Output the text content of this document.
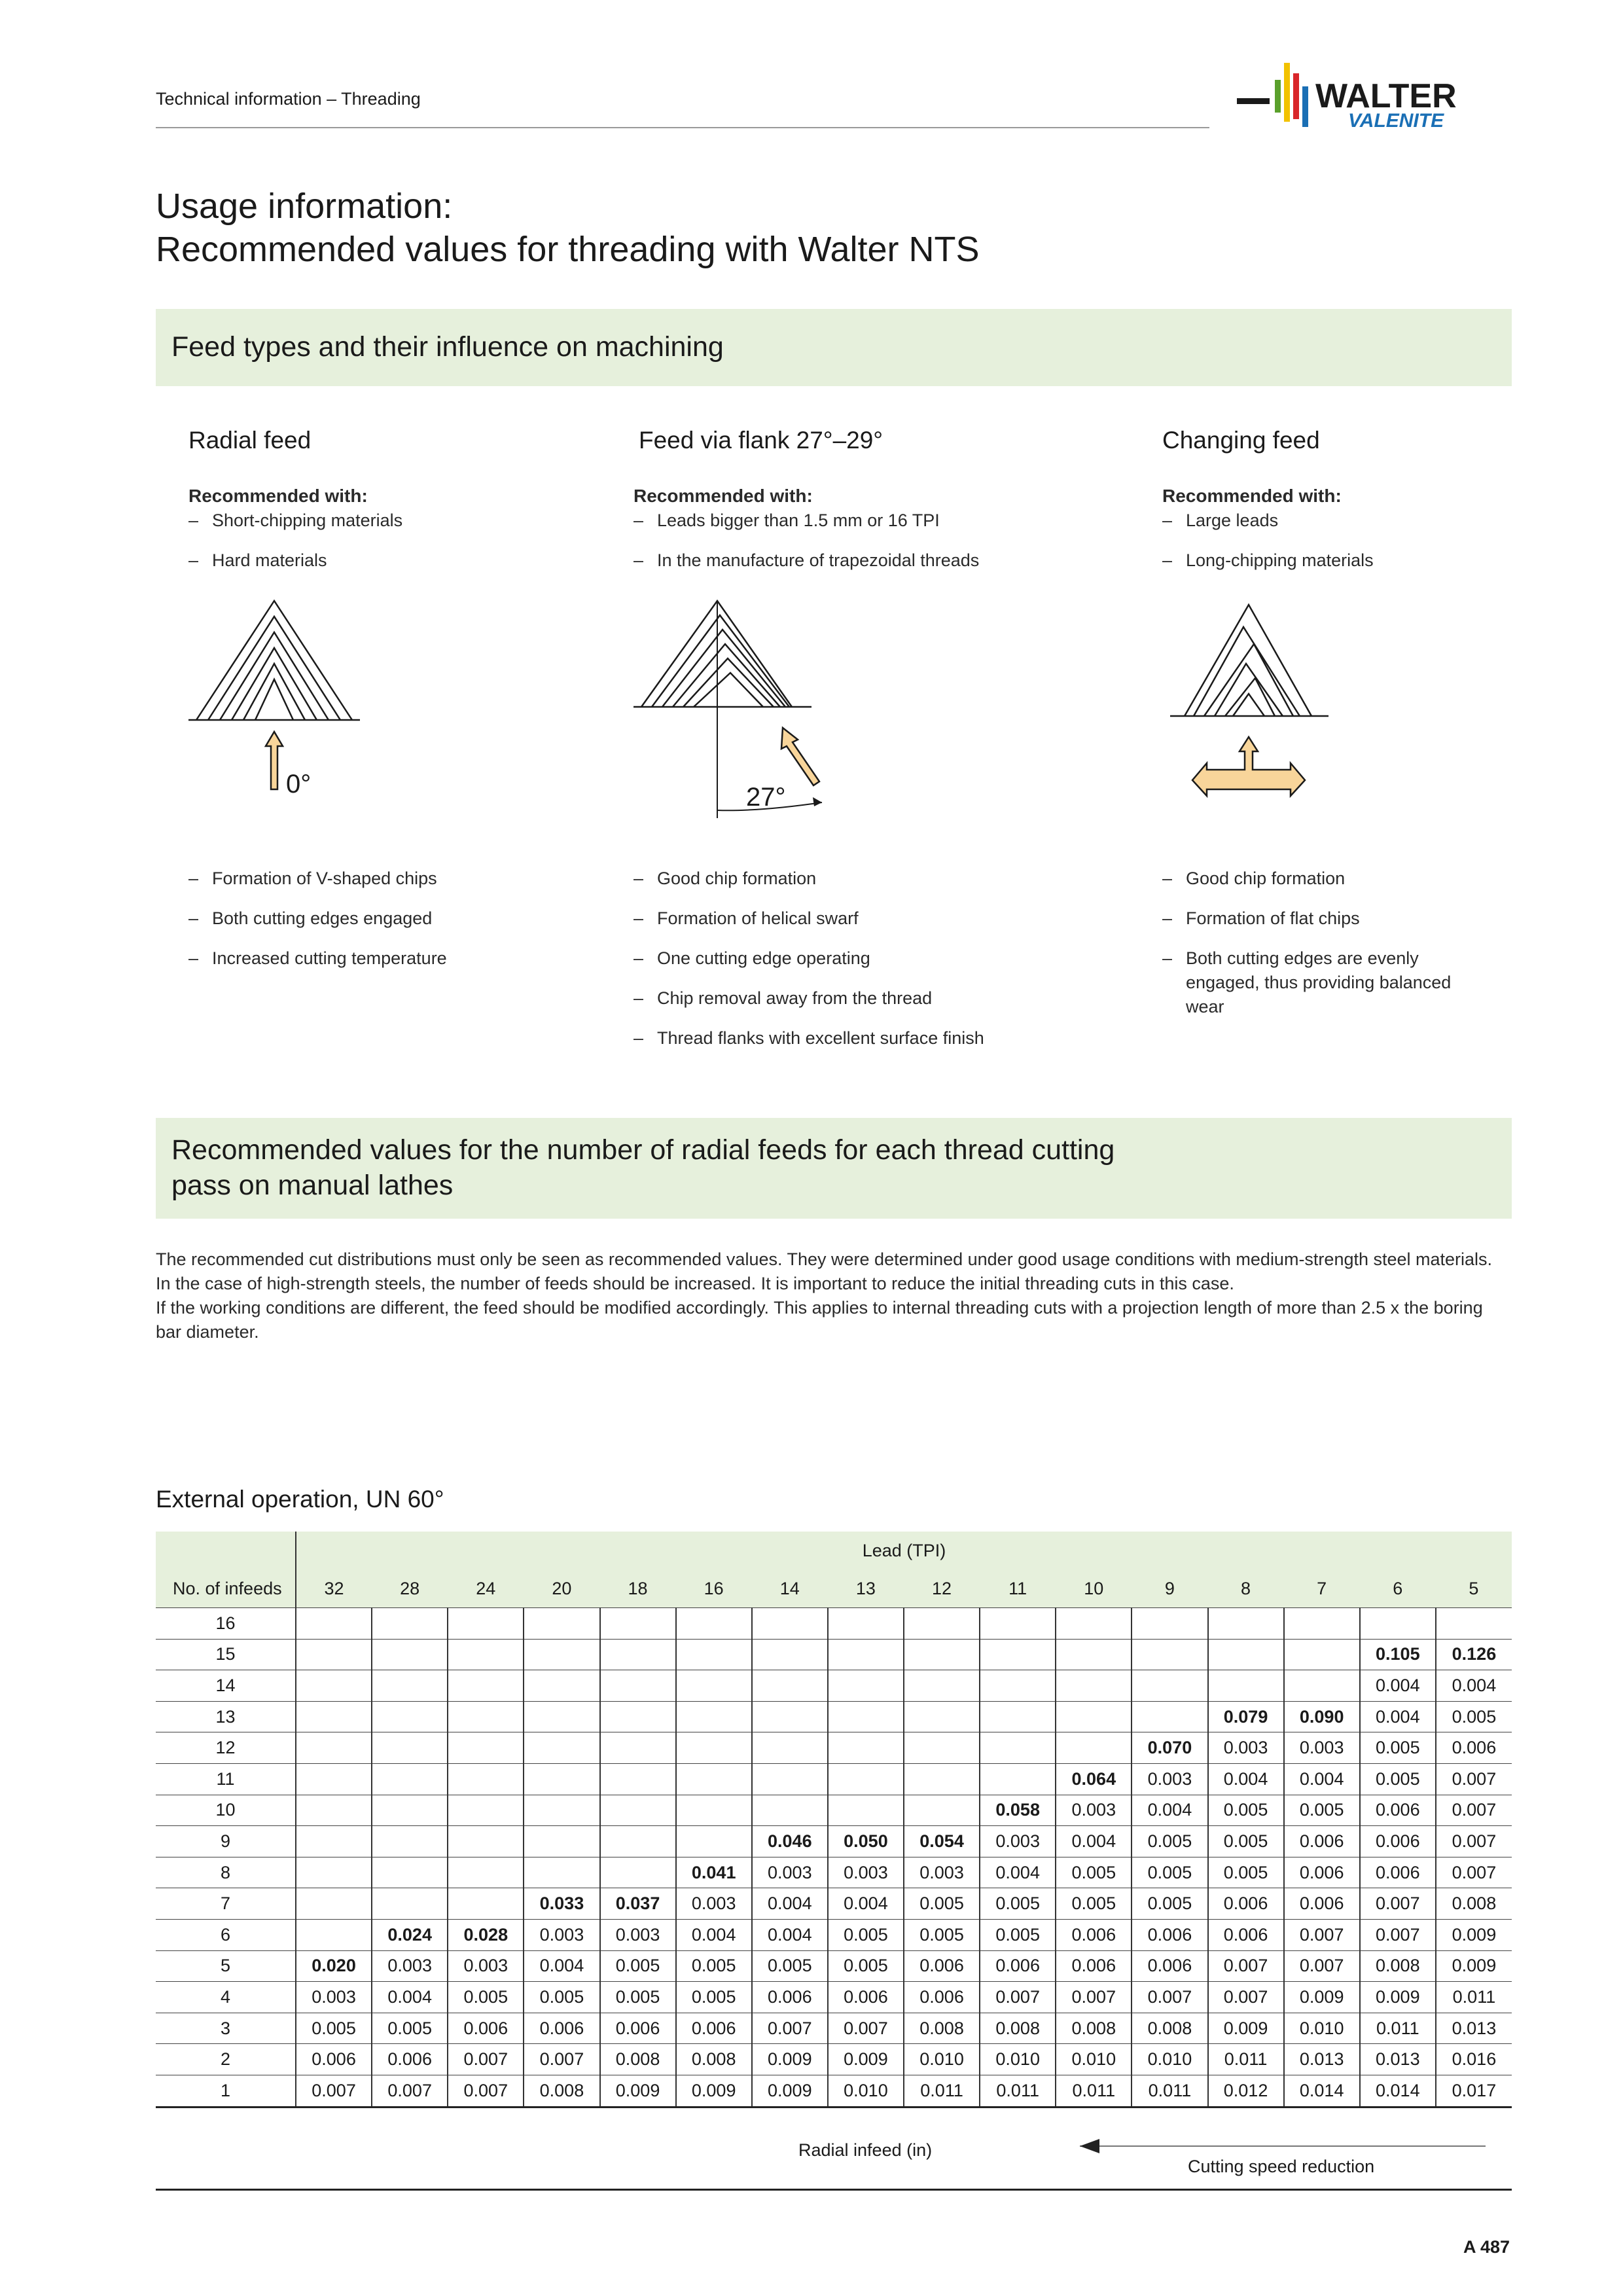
Technical information – Threading	WALTER
VALENITE
Usage information:
Recommended values for threading with Walter NTS
Feed types and their influence on machining
Radial feed
Recommended with:
– Short-chipping materials
– Hard materials
0°
– Formation of V-shaped chips
– Both cutting edges engaged
– Increased cutting temperature
Feed via flank 27°–29°
Recommended with:
– Leads bigger than 1.5 mm or 16 TPI
– In the manufacture of trapezoidal threads
27°
– Good chip formation
– Formation of helical swarf
– One cutting edge operating
– Chip removal away from the thread
– Thread flanks with excellent surface finish
Changing feed
Recommended with:
– Large leads
– Long-chipping materials
– Good chip formation
– Formation of flat chips
– Both cutting edges are evenly engaged, thus providing balanced wear
Recommended values for the number of radial feeds for each thread cutting
pass on manual lathes
The recommended cut distributions must only be seen as recommended values. They were determined under good usage conditions with medium-strength steel materials.
In the case of high-strength steels, the number of feeds should be increased. It is important to reduce the initial threading cuts in this case.
If the working conditions are different, the feed should be modified accordingly. This applies to internal threading cuts with a projection length of more than 2.5 x the boring
bar diameter.
External operation, UN 60°
	Lead (TPI)															
No. of infeeds	32	28	24	20	18	16	14	13	12	11	10	9	8	7	6	5
16																
15															0.105	0.126
14															0.004	0.004
13													0.079	0.090	0.004	0.005
12												0.070	0.003	0.003	0.005	0.006
11											0.064	0.003	0.004	0.004	0.005	0.007
10										0.058	0.003	0.004	0.005	0.005	0.006	0.007
9							0.046	0.050	0.054	0.003	0.004	0.005	0.005	0.006	0.006	0.007
8						0.041	0.003	0.003	0.003	0.004	0.005	0.005	0.005	0.006	0.006	0.007
7				0.033	0.037	0.003	0.004	0.004	0.005	0.005	0.005	0.005	0.006	0.006	0.007	0.008
6		0.024	0.028	0.003	0.003	0.004	0.004	0.005	0.005	0.005	0.006	0.006	0.006	0.007	0.007	0.009
5	0.020	0.003	0.003	0.004	0.005	0.005	0.005	0.005	0.006	0.006	0.006	0.006	0.007	0.007	0.008	0.009
4	0.003	0.004	0.005	0.005	0.005	0.005	0.006	0.006	0.006	0.007	0.007	0.007	0.007	0.009	0.009	0.011
3	0.005	0.005	0.006	0.006	0.006	0.006	0.007	0.007	0.008	0.008	0.008	0.008	0.009	0.010	0.011	0.013
2	0.006	0.006	0.007	0.007	0.008	0.008	0.009	0.009	0.010	0.010	0.010	0.010	0.011	0.013	0.013	0.016
1	0.007	0.007	0.007	0.008	0.009	0.009	0.009	0.010	0.011	0.011	0.011	0.011	0.012	0.014	0.014	0.017
Radial infeed (in)
Cutting speed reduction
A 487
